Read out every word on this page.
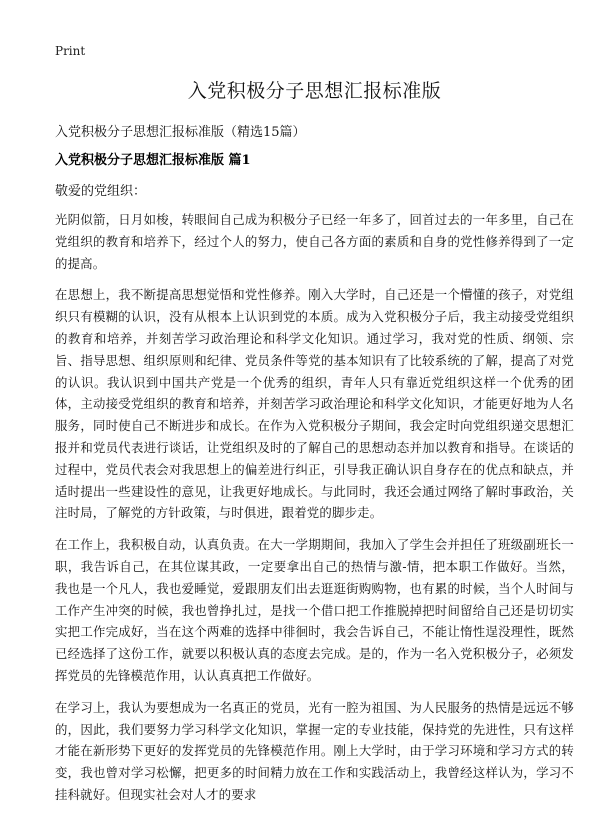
Print
入党积极分子思想汇报标准版
入党积极分子思想汇报标准版（精选15篇）
入党积极分子思想汇报标准版 篇1
敬爱的党组织：

光阴似箭，日月如梭，转眼间自己成为积极分子已经一年多了，回首过去的一年多里，自己在党组织的教育和培养下，经过个人的努力，使自己各方面的素质和自身的党性修养得到了一定的提高。

在思想上，我不断提高思想觉悟和党性修养。刚入大学时，自己还是一个懵懂的孩子，对党组织只有模糊的认识，没有从根本上认识到党的本质。成为入党积极分子后，我主动接受党组织的教育和培养，并刻苦学习政治理论和科学文化知识。通过学习，我对党的性质、纲领、宗旨、指导思想、组织原则和纪律、党员条件等党的基本知识有了比较系统的了解，提高了对党的认识。我认识到中国共产党是一个优秀的组织，青年人只有靠近党组织这样一个优秀的团体，主动接受党组织的教育和培养，并刻苦学习政治理论和科学文化知识，才能更好地为人名服务，同时使自己不断进步和成长。在作为入党积极分子期间，我会定时向党组织递交思想汇报并和党员代表进行谈话，让党组织及时的了解自己的思想动态并加以教育和指导。在谈话的过程中，党员代表会对我思想上的偏差进行纠正，引导我正确认识自身存在的优点和缺点，并适时提出一些建设性的意见，让我更好地成长。与此同时，我还会通过网络了解时事政治，关注时局，了解党的方针政策，与时俱进，跟着党的脚步走。

在工作上，我积极自动，认真负责。在大一学期期间，我加入了学生会并担任了班级副班长一职，我告诉自己，在其位谋其政，一定要拿出自己的热情与激-情，把本职工作做好。当然，我也是一个凡人，我也爱睡觉，爱跟朋友们出去逛逛街购购物，也有累的时候，当个人时间与工作产生冲突的时候，我也曾挣扎过，是找一个借口把工作推脱掉把时间留给自己还是切切实实把工作完成好，当在这个两难的选择中徘徊时，我会告诉自己，不能让惰性逞没理性，既然已经选择了这份工作，就要以积极认真的态度去完成。是的，作为一名入党积极分子，必须发挥党员的先锋模范作用，认认真真把工作做好。

在学习上，我认为要想成为一名真正的党员，光有一腔为祖国、为人民服务的热情是远远不够的，因此，我们要努力学习科学文化知识，掌握一定的专业技能，保持党的先进性，只有这样才能在新形势下更好的发挥党员的先锋模范作用。刚上大学时，由于学习环境和学习方式的转变，我也曾对学习松懈，把更多的时间精力放在工作和实践活动上，我曾经这样认为，学习不挂科就好。但现实社会对人才的要求
